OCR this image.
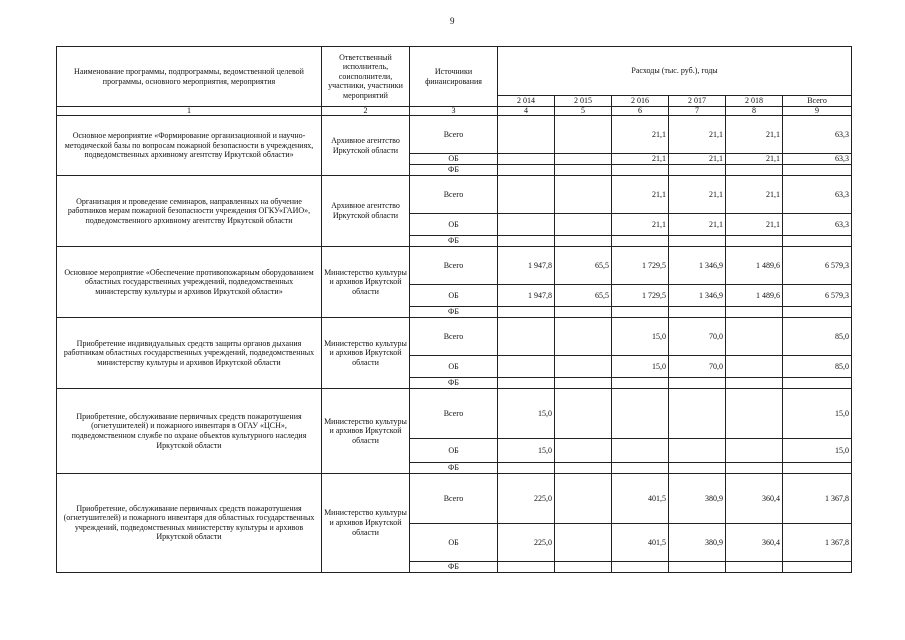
9
Наименование программы, подпрограммы, ведомственной целевой программы, основного мероприятия, мероприятия	Ответственный исполнитель, соисполнители, участники, участники мероприятий	Источники финансирования	Расходы (тыс. руб.), годы					
			2 014	2 015	2 016	2 017	2 018	Всего
1	2	3	4	5	6	7	8	9
Основное мероприятие «Формирование организационной и научно-методической базы по вопросам пожарной безопасности в учреждениях, подведомственных архивному агентству Иркутской области»	Архивное агентство Иркутской области	Всего			21,1	21,1	21,1	63,3
		ОБ			21,1	21,1	21,1	63,3
		ФБ						
Организация и проведение семинаров, направленных на обучение работников мерам пожарной безопасности учреждения ОГКУ«ГАИО», подведомственного архивному агентству Иркутской области	Архивное агентство Иркутской области	Всего			21,1	21,1	21,1	63,3
		ОБ			21,1	21,1	21,1	63,3
		ФБ						
Основное мероприятие «Обеспечение противопожарным оборудованием областных государственных учреждений, подведомственных министерству культуры и архивов Иркутской области»	Министерство культуры и архивов Иркутской области	Всего	1 947,8	65,5	1 729,5	1 346,9	1 489,6	6 579,3
		ОБ	1 947,8	65,5	1 729,5	1 346,9	1 489,6	6 579,3
		ФБ						
Приобретение индивидуальных средств защиты органов дыхания работникам областных государственных учреждений, подведомственных министерству культуры и архивов Иркутской области	Министерство культуры и архивов Иркутской области	Всего			15,0	70,0		85,0
		ОБ			15,0	70,0		85,0
		ФБ						
Приобретение, обслуживание первичных средств пожаротушения (огнетушителей) и пожарного инвентаря в ОГАУ «ЦСН», подведомственном службе по охране объектов культурного наследия Иркутской области	Министерство культуры и архивов Иркутской области	Всего	15,0					15,0
		ОБ	15,0					15,0
		ФБ						
Приобретение, обслуживание первичных средств пожаротушения (огнетушителей) и пожарного инвентаря для областных государственных учреждений, подведомственных министерству культуры и архивов Иркутской области	Министерство культуры и архивов Иркутской области	Всего	225,0		401,5	380,9	360,4	1 367,8
		ОБ	225,0		401,5	380,9	360,4	1 367,8
		ФБ						
